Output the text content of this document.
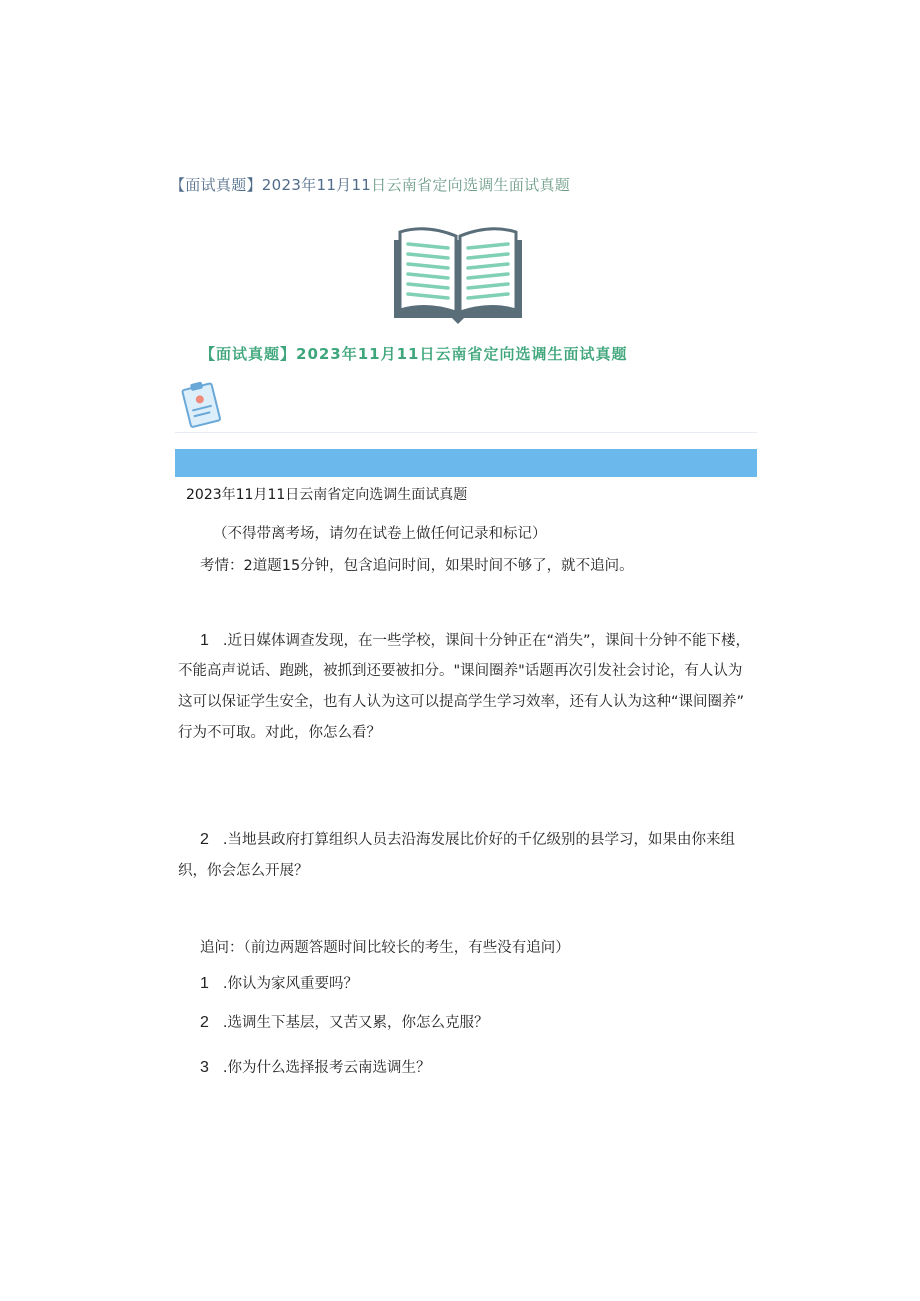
【面试真题】2023年11月11日云南省定向选调生面试真题
【面试真题】2023年11月11日云南省定向选调生面试真题
2023年11月11日云南省定向选调生面试真题
（不得带离考场，请勿在试卷上做任何记录和标记）
考情：2道题15分钟，包含追问时间，如果时间不够了，就不追问。
1 .近日媒体调查发现，在一些学校，课间十分钟正在“消失”，课间十分钟不能下楼，
不能高声说话、跑跳，被抓到还要被扣分。"课间圈养"话题再次引发社会讨论，有人认为
这可以保证学生安全，也有人认为这可以提高学生学习效率，还有人认为这种“课间圈养”
行为不可取。对此，你怎么看？
2 .当地县政府打算组织人员去沿海发展比价好的千亿级别的县学习，如果由你来组
织，你会怎么开展？
追问：（前边两题答题时间比较长的考生，有些没有追问）
1 .你认为家风重要吗？
2 .选调生下基层，又苦又累，你怎么克服？
3 .你为什么选择报考云南选调生？
